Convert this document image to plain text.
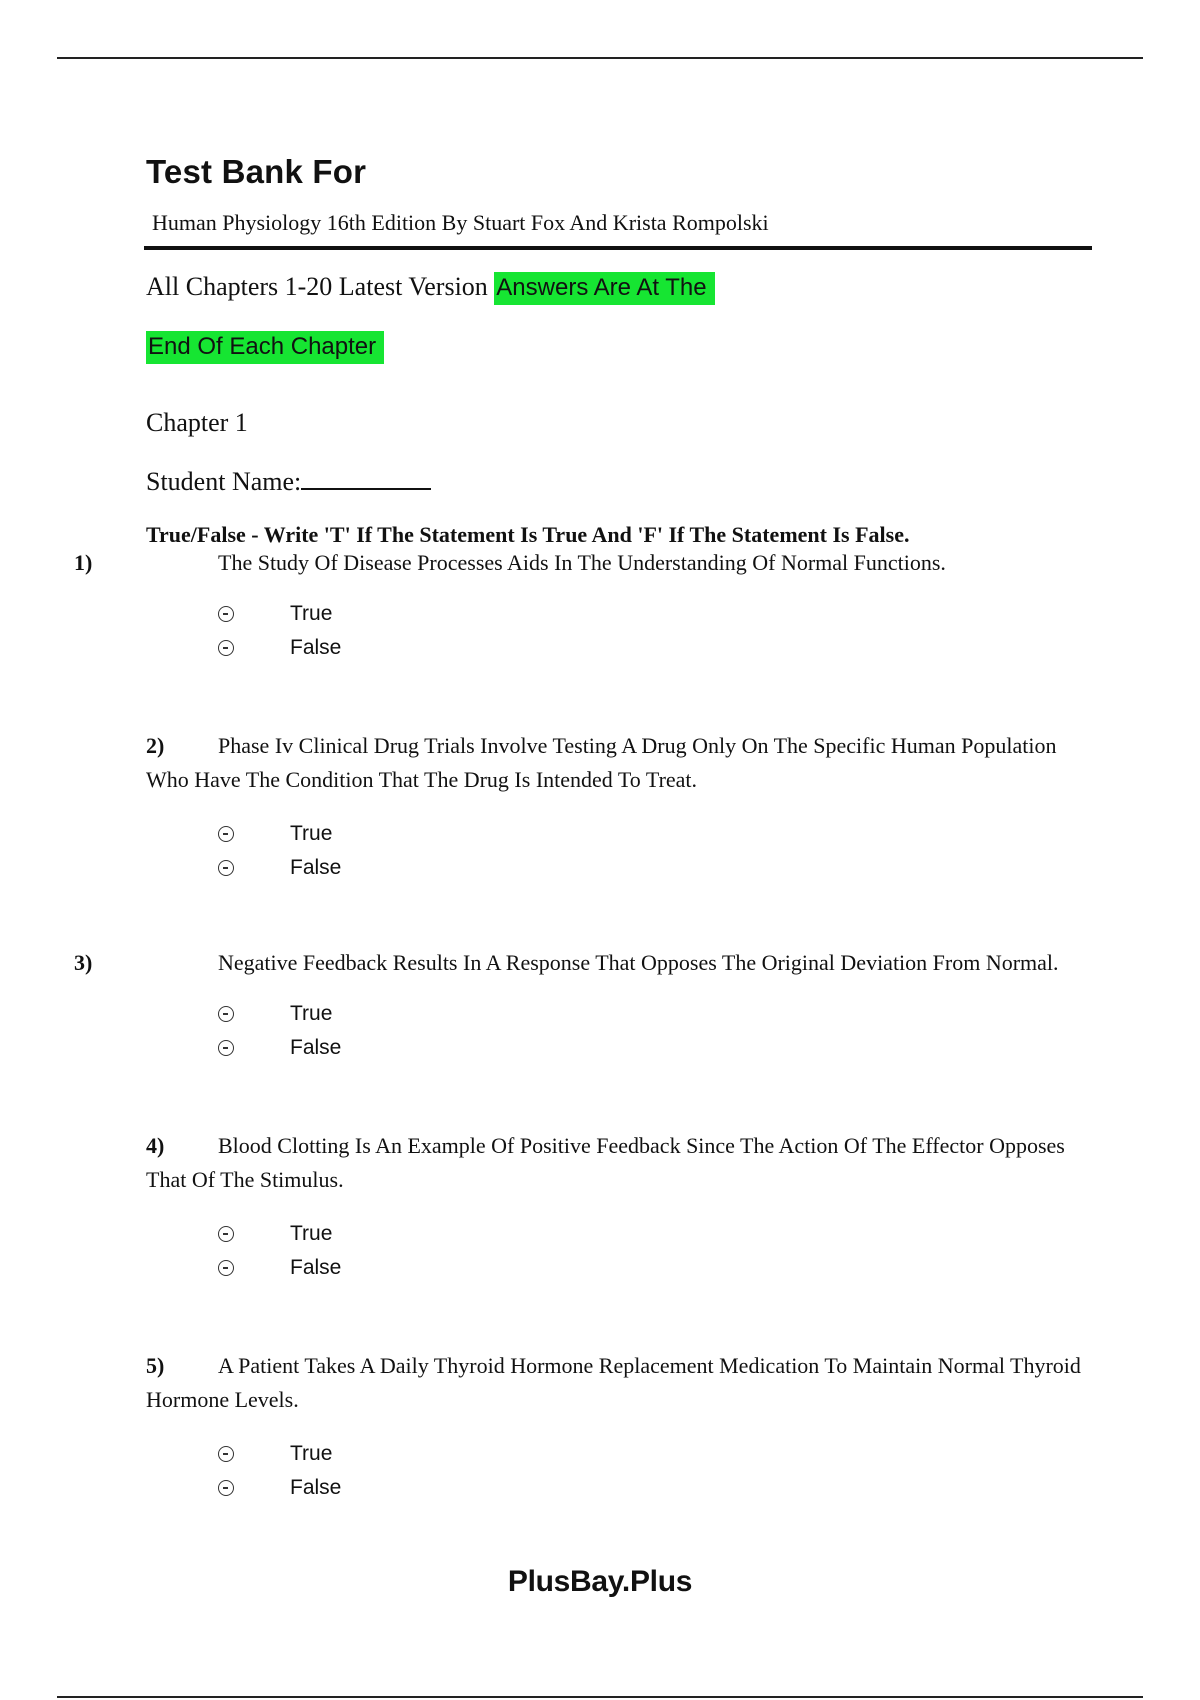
Test Bank For
Human Physiology 16th Edition By Stuart Fox And Krista Rompolski
All Chapters 1-20 Latest Version Answers Are At The
End Of Each Chapter
Chapter 1
Student Name:
True/False - Write 'T' If The Statement Is True And 'F' If The Statement Is False.
1)	The Study Of Disease Processes Aids In The Understanding Of Normal Functions.
True
False
2) Phase Iv Clinical Drug Trials Involve Testing A Drug Only On The Specific Human Population Who Have The Condition That The Drug Is Intended To Treat.
True
False
3)	Negative Feedback Results In A Response That Opposes The Original Deviation From Normal.
True
False
4) Blood Clotting Is An Example Of Positive Feedback Since The Action Of The Effector Opposes That Of The Stimulus.
True
False
5) A Patient Takes A Daily Thyroid Hormone Replacement Medication To Maintain Normal Thyroid Hormone Levels.
True
False
PlusBay.Plus
